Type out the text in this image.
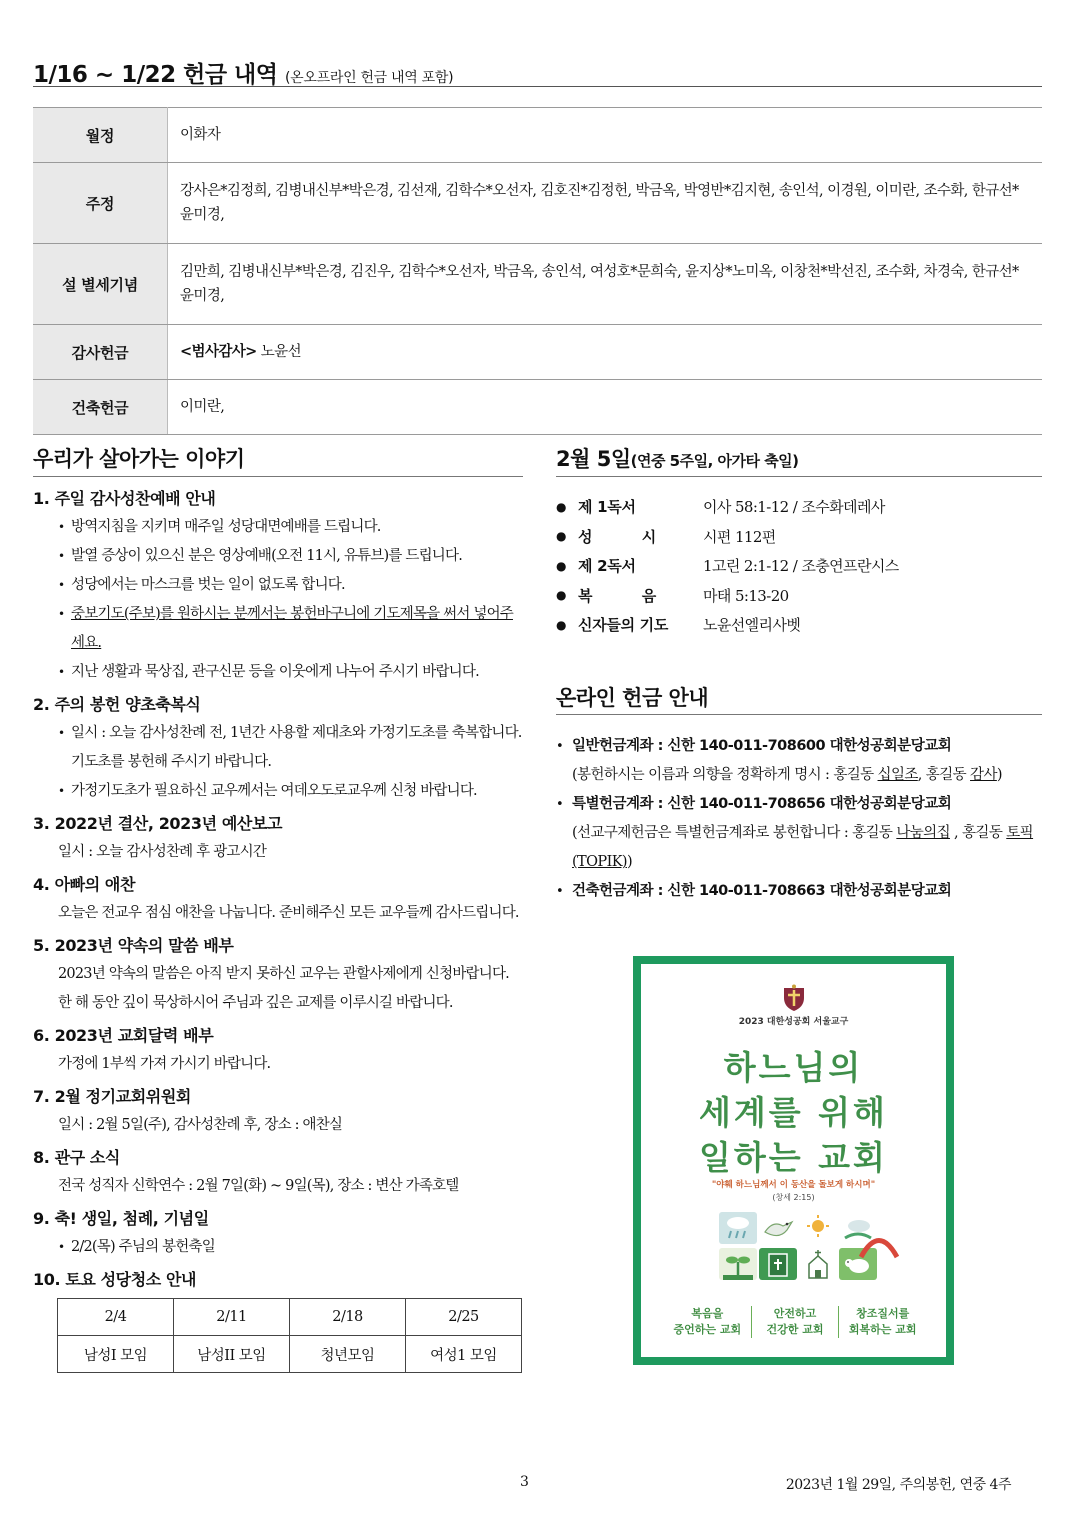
1/16 ~ 1/22 헌금 내역 (온오프라인 헌금 내역 포함)
월정	이화자
주정	강사은*김정희, 김병내신부*박은경, 김선재, 김학수*오선자, 김호진*김정헌, 박금옥, 박영반*김지현, 송인석, 이경원, 이미란, 조수화, 한규선*윤미경,
설 별세기념	김만희, 김병내신부*박은경, 김진우, 김학수*오선자, 박금옥, 송인석, 여성호*문희숙, 윤지상*노미옥, 이창천*박선진, 조수화, 차경숙, 한규선*윤미경,
감사헌금	<범사감사> 노윤선
건축헌금	이미란,
우리가 살아가는 이야기
1. 주일 감사성찬예배 안내
• 방역지침을 지키며 매주일 성당대면예배를 드립니다.
• 발열 증상이 있으신 분은 영상예배(오전 11시, 유튜브)를 드립니다.
• 성당에서는 마스크를 벗는 일이 없도록 합니다.
• 중보기도(주보)를 원하시는 분께서는 봉헌바구니에 기도제목을 써서 넣어주세요.
• 지난 생활과 묵상집, 관구신문 등을 이웃에게 나누어 주시기 바랍니다.
2. 주의 봉헌 양초축복식
• 일시 : 오늘 감사성찬례 전, 1년간 사용할 제대초와 가정기도초를 축복합니다. 기도초를 봉헌해 주시기 바랍니다.
• 가정기도초가 필요하신 교우께서는 여데오도로교우께 신청 바랍니다.
3. 2022년 결산, 2023년 예산보고
일시 : 오늘 감사성찬례 후 광고시간
4. 아빠의 애찬
오늘은 전교우 점심 애찬을 나눕니다. 준비해주신 모든 교우들께 감사드립니다.
5. 2023년 약속의 말씀 배부
2023년 약속의 말씀은 아직 받지 못하신 교우는 관할사제에게 신청바랍니다. 한 해 동안 깊이 묵상하시어 주님과 깊은 교제를 이루시길 바랍니다.
6. 2023년 교회달력 배부
가정에 1부씩 가져 가시기 바랍니다.
7. 2월 정기교회위원회
일시 : 2월 5일(주), 감사성찬례 후, 장소 : 애찬실
8. 관구 소식
전국 성직자 신학연수 : 2월 7일(화) ~ 9일(목), 장소 : 변산 가족호텔
9. 축! 생일, 첨례, 기념일
• 2/2(목) 주님의 봉헌축일
10. 토요 성당청소 안내
2/4	2/11	2/18	2/25
남성I 모임	남성II 모임	청년모임	여성1 모임
2월 5일(연중 5주일, 아가타 축일)
● 제 1독서	이사 58:1-12 / 조수화데레사
● 성 시	시편 112편
● 제 2독서	1고린 2:1-12 / 조충연프란시스
● 복 음	마태 5:13-20
● 신자들의 기도	노윤선엘리사벳
온라인 헌금 안내
• 일반헌금계좌 : 신한 140-011-708600 대한성공회분당교회
(봉헌하시는 이름과 의향을 정확하게 명시 : 홍길동 십일조, 홍길동 감사)
• 특별헌금계좌 : 신한 140-011-708656 대한성공회분당교회
(선교구제헌금은 특별헌금계좌로 봉헌합니다 : 홍길동 나눔의집 , 홍길동 토픽(TOPIK))
• 건축헌금계좌 : 신한 140-011-708663 대한성공회분당교회
2023 대한성공회 서울교구
하느님의
세계를 위해
일하는 교회
"야훼 하느님께서 이 동산을 돌보게 하시며"
(창세 2:15)
복음을
증언하는 교회
안전하고
건강한 교회
창조질서를
회복하는 교회
3	2023년 1월 29일, 주의봉헌, 연중 4주
